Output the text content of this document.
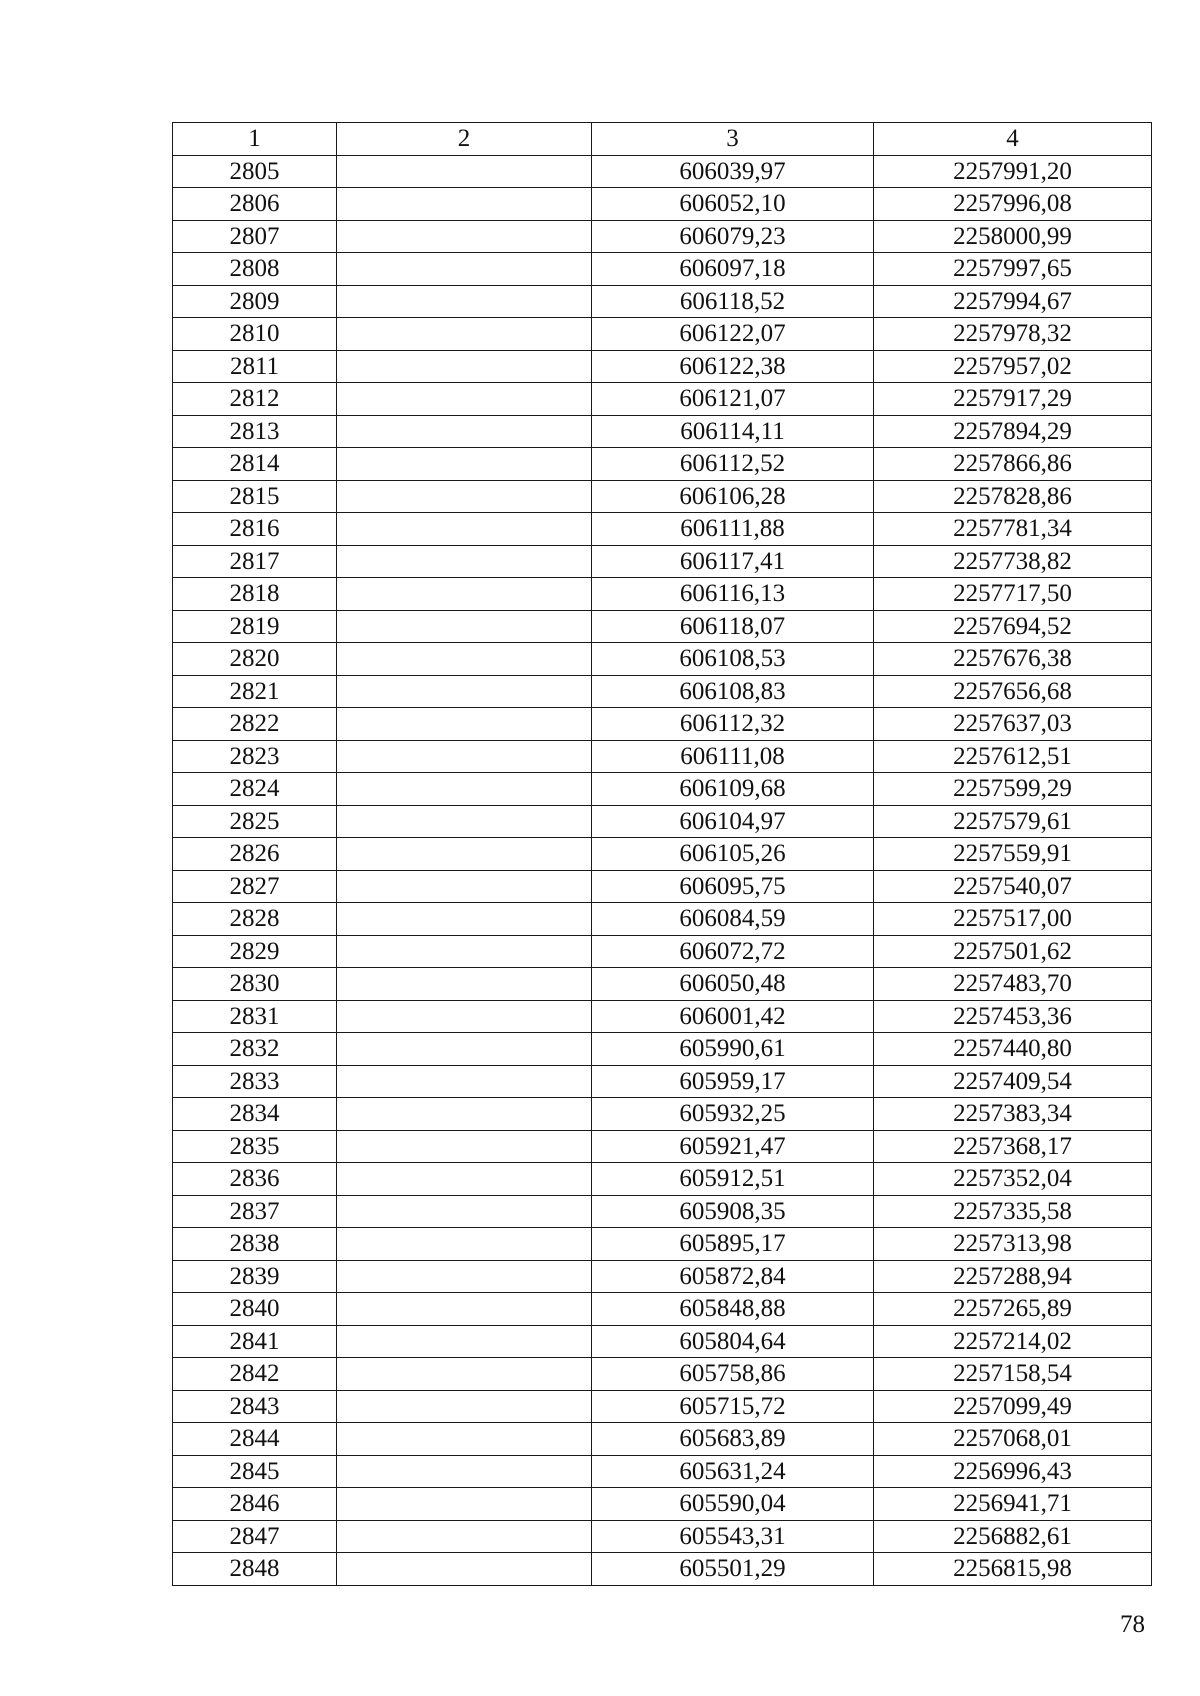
1	2	3	4
2805		606039,97	2257991,20
2806		606052,10	2257996,08
2807		606079,23	2258000,99
2808		606097,18	2257997,65
2809		606118,52	2257994,67
2810		606122,07	2257978,32
2811		606122,38	2257957,02
2812		606121,07	2257917,29
2813		606114,11	2257894,29
2814		606112,52	2257866,86
2815		606106,28	2257828,86
2816		606111,88	2257781,34
2817		606117,41	2257738,82
2818		606116,13	2257717,50
2819		606118,07	2257694,52
2820		606108,53	2257676,38
2821		606108,83	2257656,68
2822		606112,32	2257637,03
2823		606111,08	2257612,51
2824		606109,68	2257599,29
2825		606104,97	2257579,61
2826		606105,26	2257559,91
2827		606095,75	2257540,07
2828		606084,59	2257517,00
2829		606072,72	2257501,62
2830		606050,48	2257483,70
2831		606001,42	2257453,36
2832		605990,61	2257440,80
2833		605959,17	2257409,54
2834		605932,25	2257383,34
2835		605921,47	2257368,17
2836		605912,51	2257352,04
2837		605908,35	2257335,58
2838		605895,17	2257313,98
2839		605872,84	2257288,94
2840		605848,88	2257265,89
2841		605804,64	2257214,02
2842		605758,86	2257158,54
2843		605715,72	2257099,49
2844		605683,89	2257068,01
2845		605631,24	2256996,43
2846		605590,04	2256941,71
2847		605543,31	2256882,61
2848		605501,29	2256815,98
78
